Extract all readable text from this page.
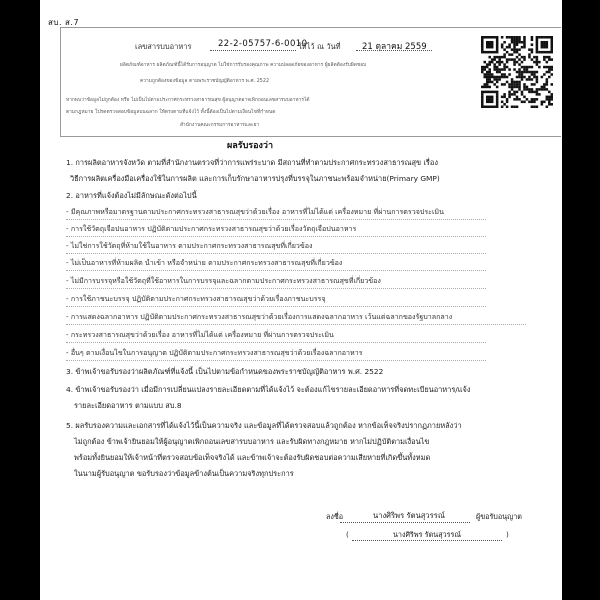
สบ. ส.7
เลขสารบบอาหาร	22-2-05757-6-0010
ให้ไว้ ณ วันที่	21 ตุลาคม 2559
ผลิตภัณฑ์อาหาร ผลิตภัณฑ์นี้ได้รับการอนุญาต ไม่ใช่การรับรองคุณภาพ ความปลอดภัยของอาหาร ผู้ผลิตต้องรับผิดชอบ
ความถูกต้องของข้อมูล ตามพระราชบัญญัติอาหาร พ.ศ. 2522
หากพบว่าข้อมูลไม่ถูกต้อง หรือ ไม่เป็นไปตามประกาศกระทรวงสาธารณสุข ผู้อนุญาตอาจเพิกถอนเลขสารบบอาหารได้
ตามกฎหมาย โปรดตรวจสอบข้อมูลบนฉลาก ให้ตรงตามที่แจ้งไว้ ทั้งนี้ต้องเป็นไปตามเงื่อนไขที่กำหนด
สำนักงานคณะกรรมการอาหารและยา
ผลรับรองว่า
1. การผลิตอาหารจังหวัด ตามที่สำนักงานตรวจที่ว่าการแพร่ระบาด มีสถานที่ทำตามประกาศกระทรวงสาธารณสุข เรื่อง
วิธีการผลิตเครื่องมือเครื่องใช้ในการผลิต และการเก็บรักษาอาหารปรุงที่บรรจุในภาชนะพร้อมจำหน่าย(Primary GMP)
2. อาหารที่แจ้งต้องไม่มีลักษณะดังต่อไปนี้
- มีคุณภาพหรือมาตรฐานตามประกาศกระทรวงสาธารณสุขว่าด้วยเรื่อง อาหารที่ไม่ได้แต่ เครื่องหมาย ที่ผ่านการตรวจประเมิน
- การใช้วัตถุเจือปนอาหาร ปฏิบัติตามประกาศกระทรวงสาธารณสุขว่าด้วยเรื่องวัตถุเจือปนอาหาร
- ไม่ใช่การใช้วัตถุที่ห้ามใช้ในอาหาร ตามประกาศกระทรวงสาธารณสุขที่เกี่ยวข้อง
- ไม่เป็นอาหารที่ห้ามผลิต นำเข้า หรือจำหน่าย ตามประกาศกระทรวงสาธารณสุขที่เกี่ยวข้อง
- ไม่มีการบรรจุหรือใช้วัตถุที่ใช้อาหารในการบรรจุและฉลากตามประกาศกระทรวงสาธารณสุขที่เกี่ยวข้อง
- การใช้ภาชนะบรรจุ ปฏิบัติตามประกาศกระทรวงสาธารณสุขว่าด้วยเรื่องภาชนะบรรจุ
- การแสดงฉลากอาหาร ปฏิบัติตามประกาศกระทรวงสาธารณสุขว่าด้วยเรื่องการแสดงฉลากอาหาร เว้นแต่ฉลากของรัฐบาลกลาง
- กระทรวงสาธารณสุขว่าด้วยเรื่อง อาหารที่ไม่ได้แต่ เครื่องหมาย ที่ผ่านการตรวจประเมิน
- อื่นๆ ตามเงื่อนไขในการอนุญาต ปฏิบัติตามประกาศกระทรวงสาธารณสุขว่าด้วยเรื่องฉลากอาหาร
3. ข้าพเจ้าขอรับรองว่าผลิตภัณฑ์ที่แจ้งนี้ เป็นไปตามข้อกำหนดของพระราชบัญญัติอาหาร พ.ศ. 2522
4. ข้าพเจ้าขอรับรองว่า เมื่อมีการเปลี่ยนแปลงรายละเอียดตามที่ได้แจ้งไว้ จะต้องแก้ไขรายละเอียดอาหารที่จดทะเบียนอาหาร/แจ้ง
รายละเอียดอาหาร ตามแบบ สบ.8
5. ผลรับรองความและเอกสารที่ได้แจ้งไว้นี้เป็นความจริง และข้อมูลที่ได้ตรวจสอบแล้วถูกต้อง หากข้อเท็จจริงปรากฏภายหลังว่า
ไม่ถูกต้อง ข้าพเจ้ายินยอมให้ผู้อนุญาตเพิกถอนเลขสารบบอาหาร และรับผิดทางกฎหมาย หากไม่ปฏิบัติตามเงื่อนไข
พร้อมทั้งยินยอมให้เจ้าหน้าที่ตรวจสอบข้อเท็จจริงได้ และข้าพเจ้าจะต้องรับผิดชอบต่อความเสียหายที่เกิดขึ้นทั้งหมด
ในนามผู้รับอนุญาต ขอรับรองว่าข้อมูลข้างต้นเป็นความจริงทุกประการ
ลงชื่อ	นางศิริพร รัตนสุวรรณ์	ผู้ขอรับอนุญาต
(	นางศิริพร รัตนสุวรรณ์	)
